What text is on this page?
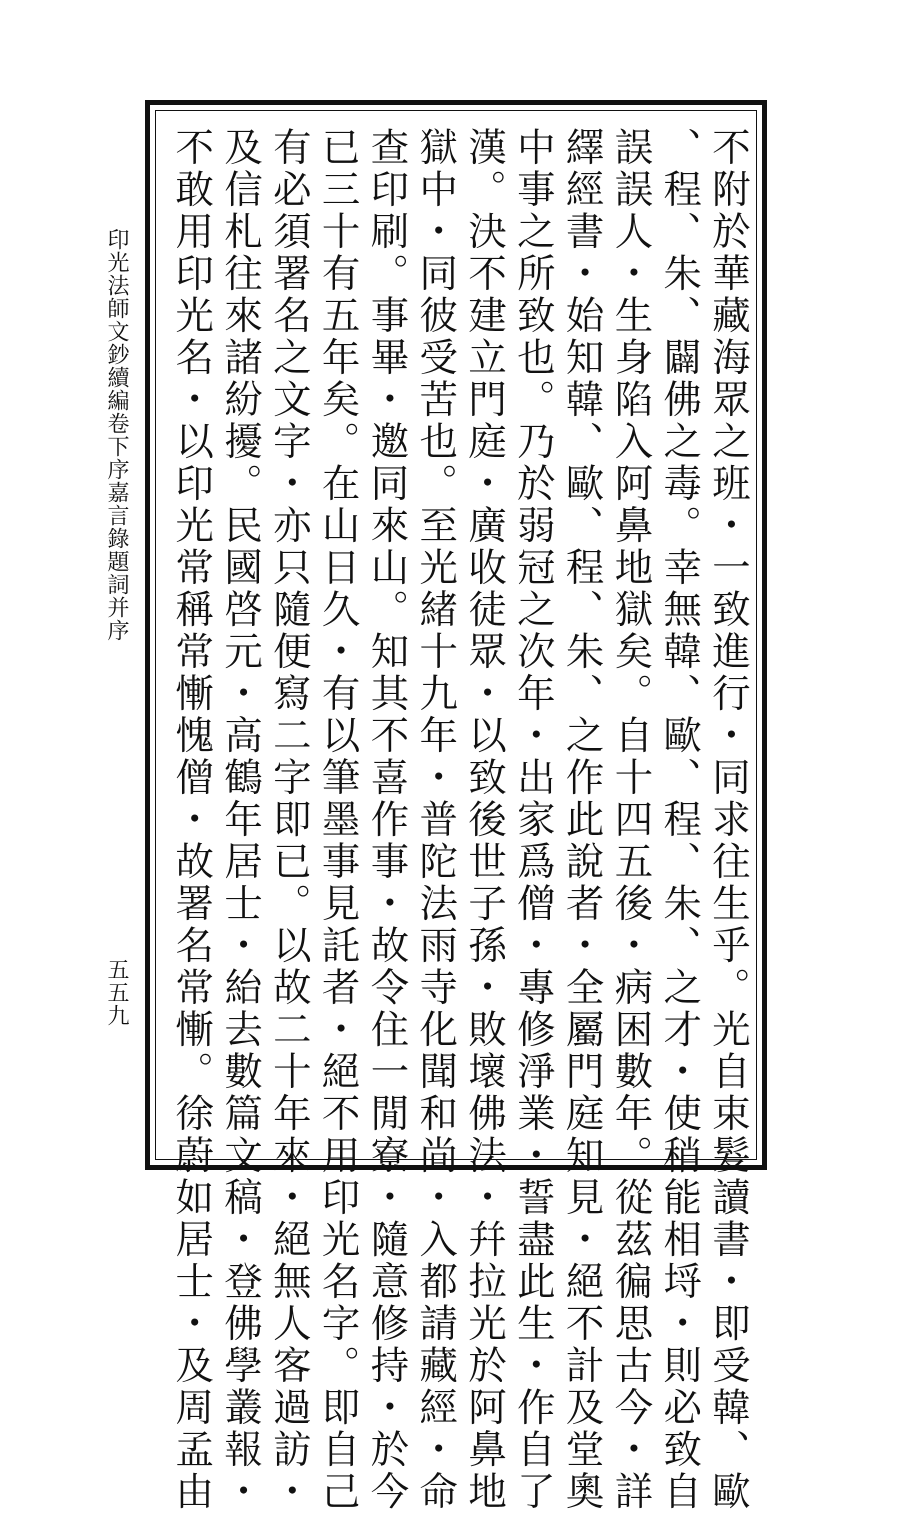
不附於華藏海眾之班・一致進行・同求往生乎。光自束髮讀書・即受韓、歐
、程、朱、闢佛之毒。幸無韓、歐、程、朱、之才・使稍能相埒・則必致自
誤誤人・生身陷入阿鼻地獄矣。自十四五後・病困數年。從茲徧思古今・詳
繹經書・始知韓、歐、程、朱、之作此說者・全屬門庭知見・絕不計及堂奧
中事之所致也。乃於弱冠之次年・出家爲僧・專修淨業・誓盡此生・作自了
漢。決不建立門庭・廣收徒眾・以致後世子孫・敗壞佛法・幷拉光於阿鼻地
獄中・同彼受苦也。至光緒十九年・普陀法雨寺化聞和尚・入都請藏經・命
查印刷。事畢・邀同來山。知其不喜作事・故令住一閒寮・隨意修持・於今
已三十有五年矣。在山日久・有以筆墨事見託者・絕不用印光名字。即自己
有必須署名之文字・亦只隨便寫二字即已。以故二十年來・絕無人客過訪・
及信札往來諸紛擾。民國啓元・高鶴年居士・紿去數篇文稿・登佛學叢報・
不敢用印光名・以印光常稱常慚愧僧・故署名常慚。徐蔚如居士・及周孟由
印光法師文鈔續編卷下序嘉言錄題詞并序
五五九
